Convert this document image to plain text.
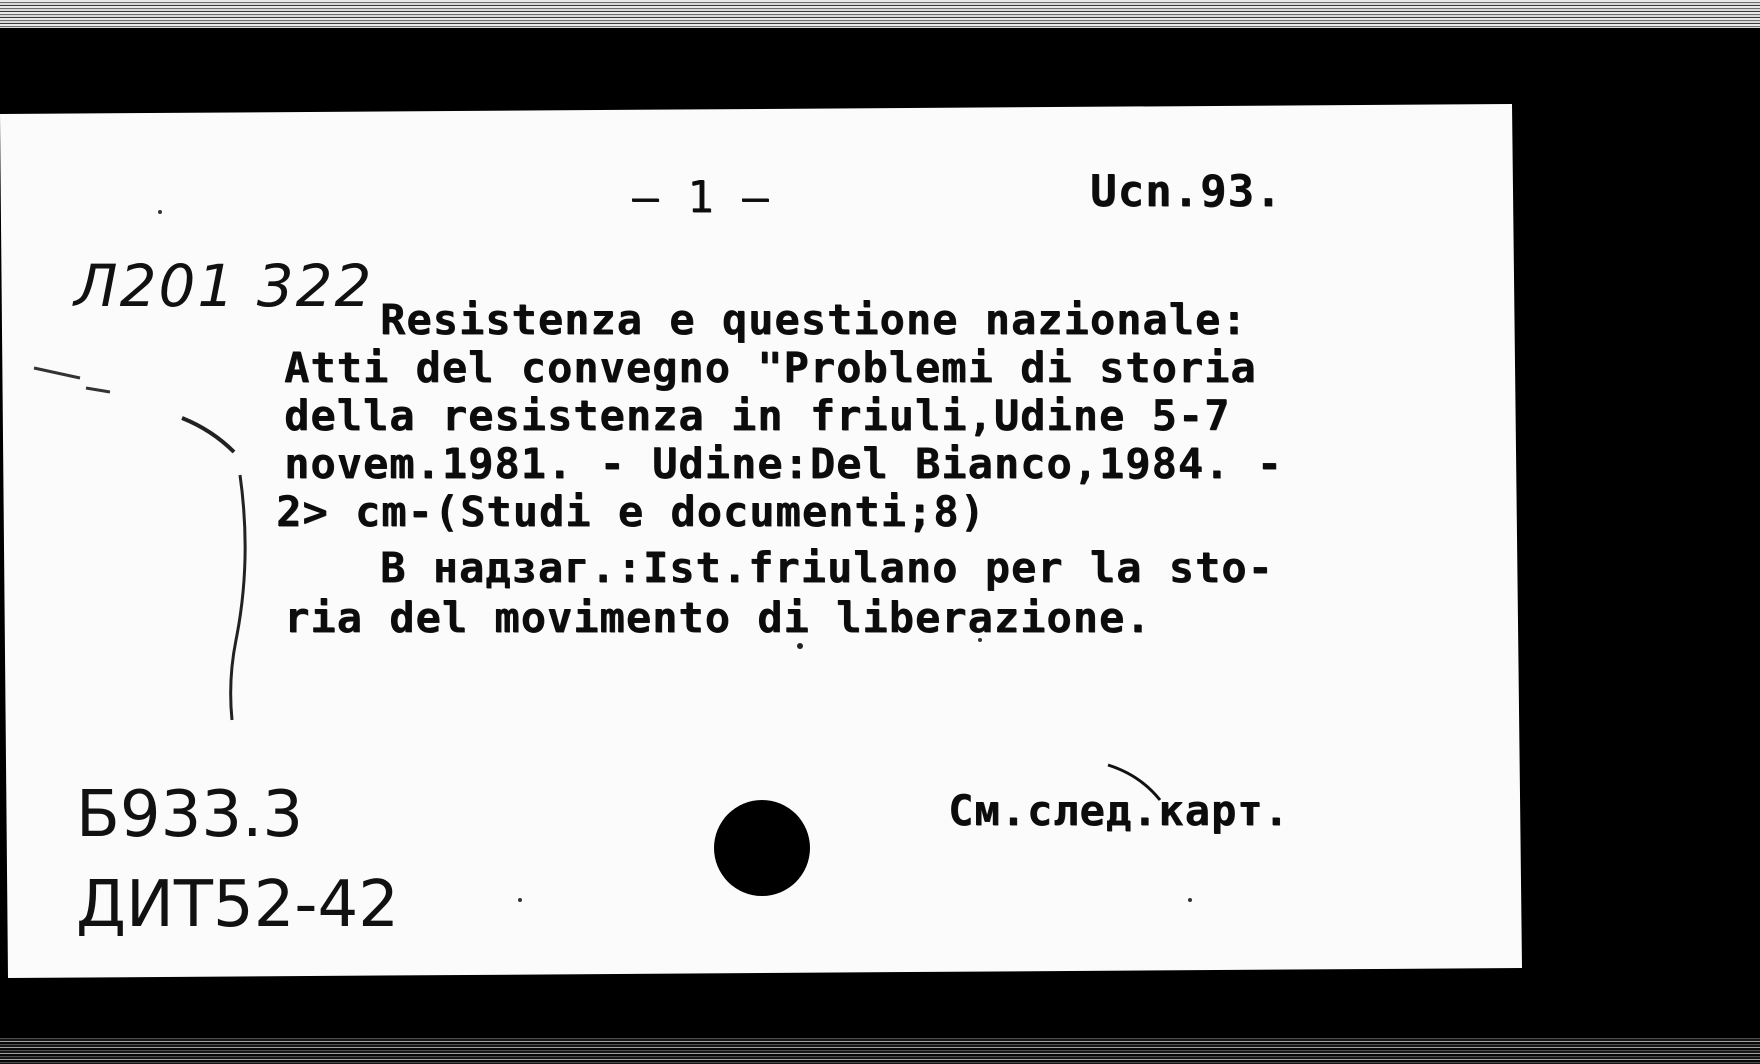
— 1 —	Ucn.93.
Л201 322 Resistenza e questione nazionale:
Atti del convegno "Problemi di storia
della resistenza in friuli,Udine 5-7
novem.1981. - Udine:Del Bianco,1984. -
2> cm-(Studi e documenti;8)
B надзаг.:Ist.friulano per la sto-
ria del movimento di liberazione.
Б933.3
ДИТ52-42
См.след.карт.
